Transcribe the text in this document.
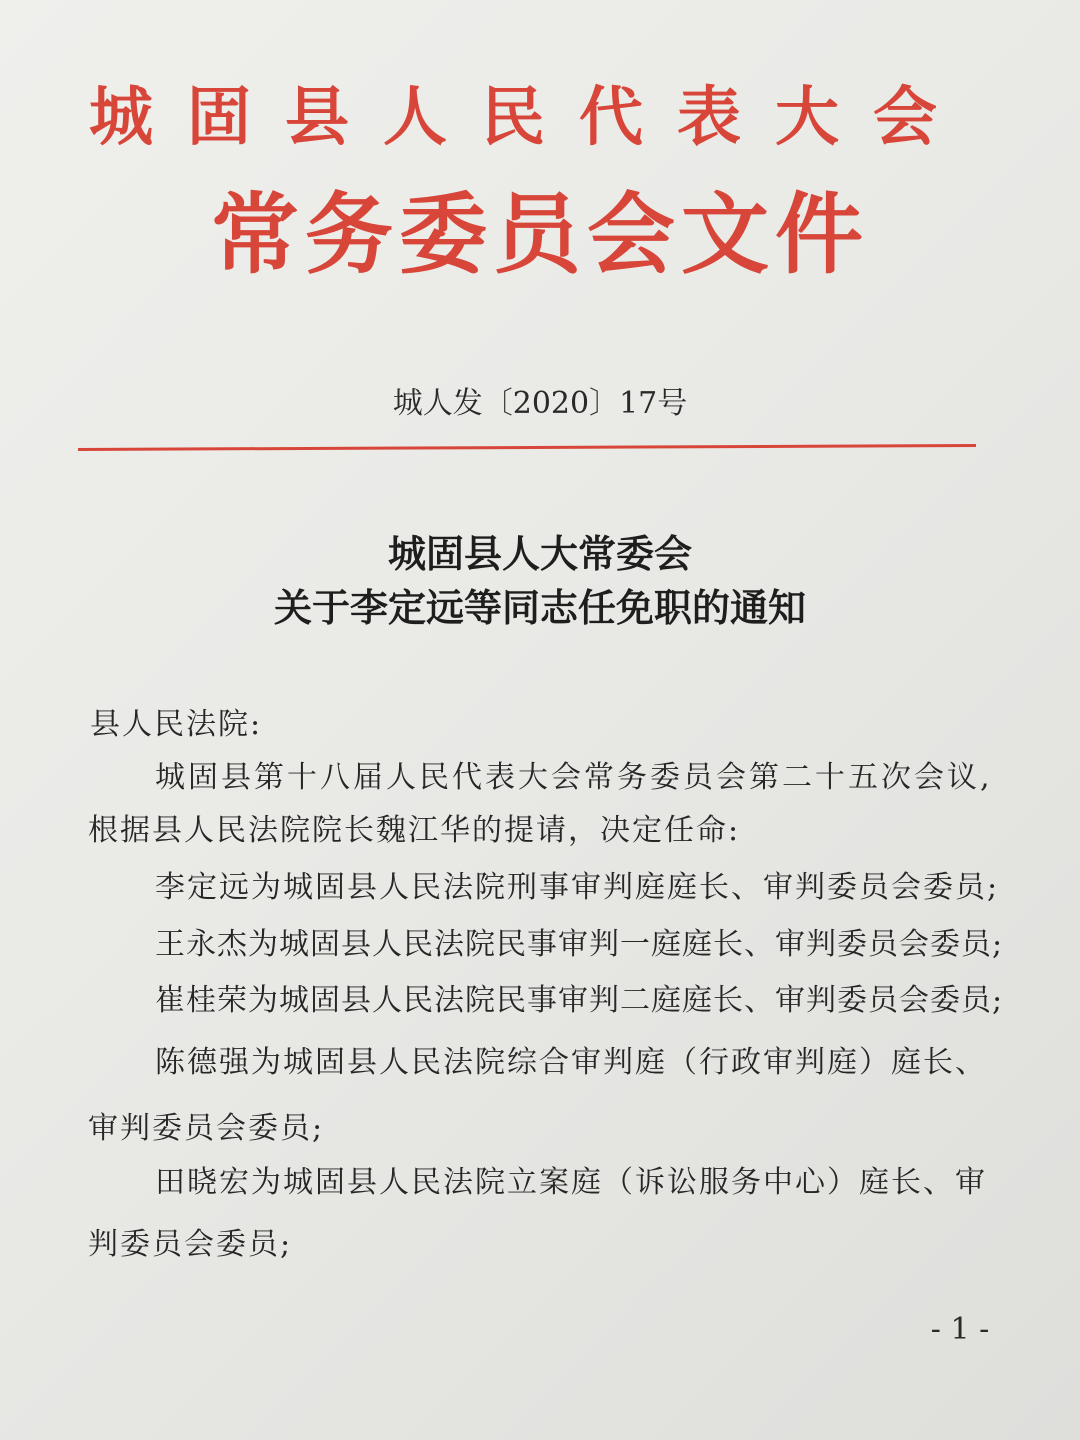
城固县人民代表大会
常务委员会文件
城人发〔2020〕17号
城固县人大常委会
关于李定远等同志任免职的通知
县人民法院:
城固县第十八届人民代表大会常务委员会第二十五次会议,
根据县人民法院院长魏江华的提请，决定任命:
李定远为城固县人民法院刑事审判庭庭长、审判委员会委员;
王永杰为城固县人民法院民事审判一庭庭长、审判委员会委员;
崔桂荣为城固县人民法院民事审判二庭庭长、审判委员会委员;
陈德强为城固县人民法院综合审判庭（行政审判庭）庭长、
审判委员会委员;
田晓宏为城固县人民法院立案庭（诉讼服务中心）庭长、审
判委员会委员;
- 1 -
